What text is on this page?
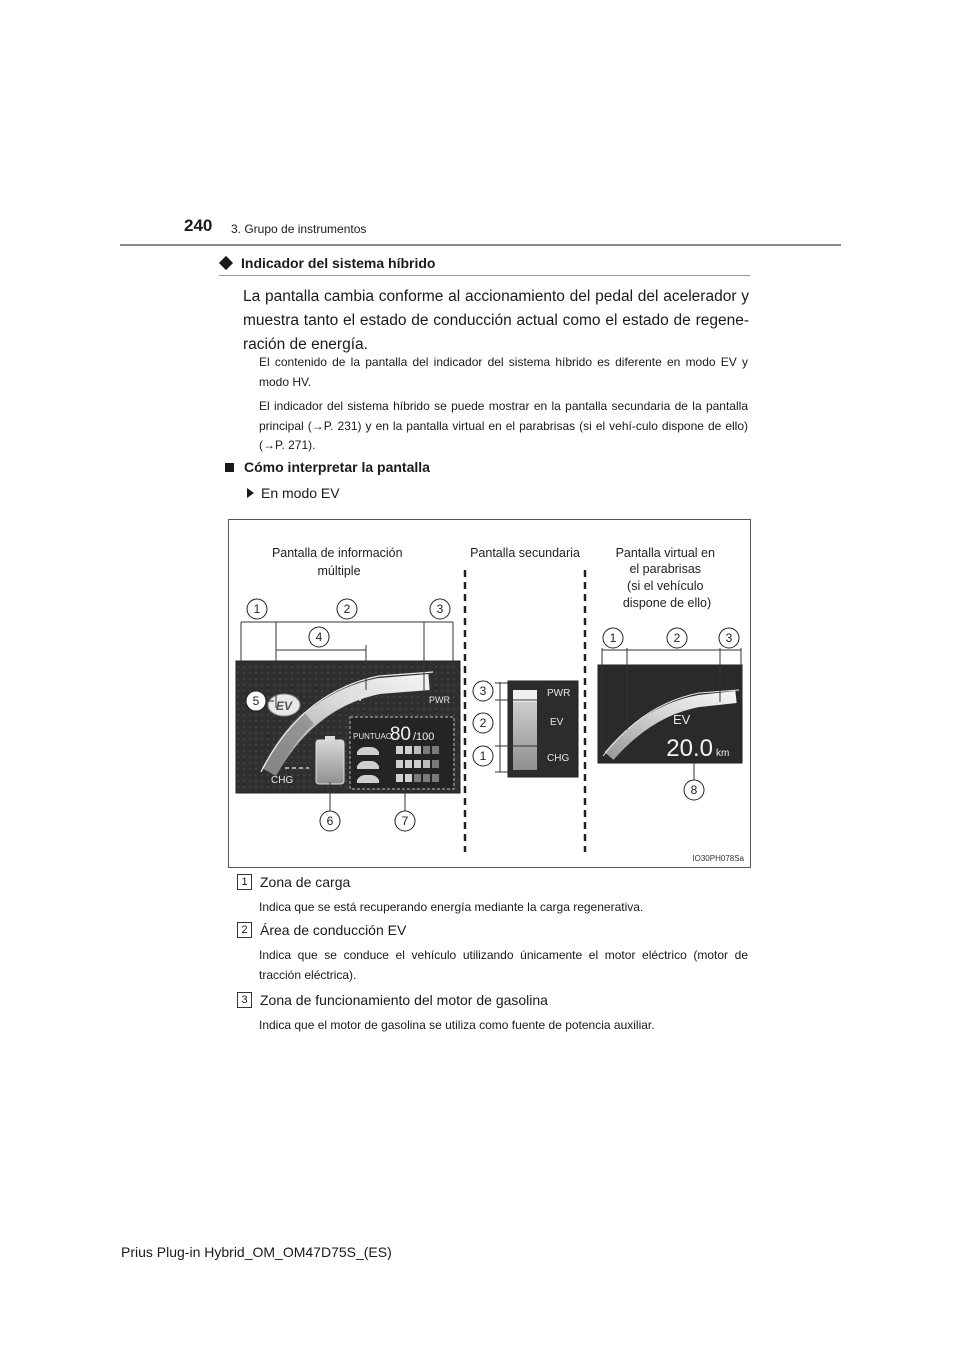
240 3. Grupo de instrumentos
Indicador del sistema híbrido
La pantalla cambia conforme al accionamiento del pedal del acelerador y muestra tanto el estado de conducción actual como el estado de regene-ración de energía.
El contenido de la pantalla del indicador del sistema híbrido es diferente en modo EV y modo HV.
El indicador del sistema híbrido se puede mostrar en la pantalla secundaria de la pantalla principal (→P. 231) y en la pantalla virtual en el parabrisas (si el vehí-culo dispone de ello) (→P. 271).
Cómo interpretar la pantalla
En modo EV
Pantalla de información múltiple
Pantalla secundaria	Pantalla virtual en el parabrisas (si el vehículo dispone de ello)
EV	PWR
CHG
EV
PUNTUAC.
80 /100
PWR
EV
CHG
EV
20.0 km
1	2	3
4
5
6	7
3
2
1
1	2	3
8
IO30PH078Sa
1 Zona de carga
Indica que se está recuperando energía mediante la carga regenerativa.
2 Área de conducción EV
Indica que se conduce el vehículo utilizando únicamente el motor eléctrico (motor de tracción eléctrica).
3 Zona de funcionamiento del motor de gasolina
Indica que el motor de gasolina se utiliza como fuente de potencia auxiliar.
Prius Plug-in Hybrid_OM_OM47D75S_(ES)
